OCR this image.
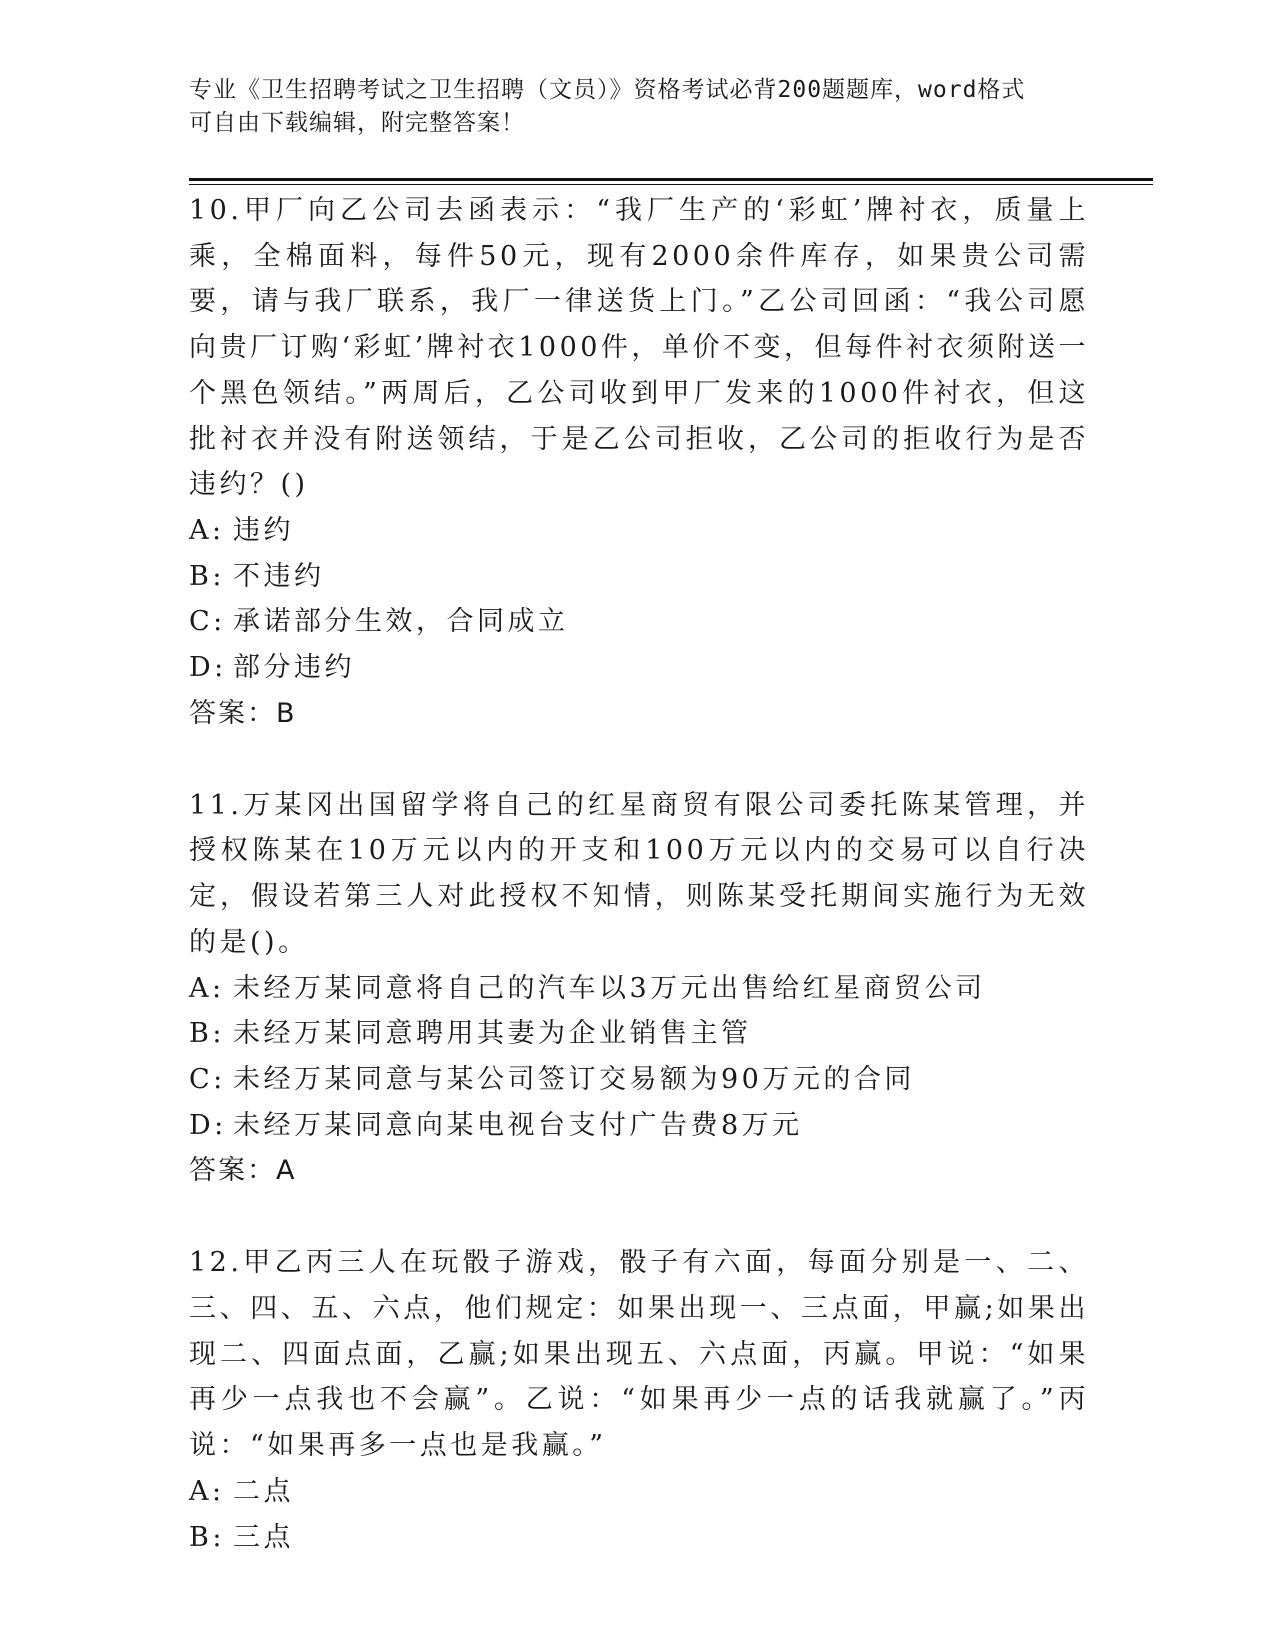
专业《卫生招聘考试之卫生招聘（文员）》资格考试必背200题题库，word格式

可自由下载编辑，附完整答案！

10.甲厂向乙公司去函表示：“我厂生产的‘彩虹’牌衬衣，质量上乘，全棉面料，每件50元，现有2000余件库存，如果贵公司需要，请与我厂联系，我厂一律送货上门。”乙公司回函：“我公司愿向贵厂订购‘彩虹’牌衬衣1000件，单价不变，但每件衬衣须附送一个黑色领结。”两周后，乙公司收到甲厂发来的1000件衬衣，但这批衬衣并没有附送领结，于是乙公司拒收，乙公司的拒收行为是否违约？()

A: 违约

B: 不违约

C: 承诺部分生效，合同成立

D: 部分违约

答案：B

11.万某冈出国留学将自己的红星商贸有限公司委托陈某管理，并授权陈某在10万元以内的开支和100万元以内的交易可以自行决定，假设若第三人对此授权不知情，则陈某受托期间实施行为无效的是()。

A: 未经万某同意将自己的汽车以3万元出售给红星商贸公司

B: 未经万某同意聘用其妻为企业销售主管

C: 未经万某同意与某公司签订交易额为90万元的合同

D: 未经万某同意向某电视台支付广告费8万元

答案：A

12.甲乙丙三人在玩骰子游戏，骰子有六面，每面分别是一、二、三、四、五、六点，他们规定：如果出现一、三点面，甲赢;如果出现二、四面点面，乙赢;如果出现五、六点面，丙赢。甲说：“如果再少一点我也不会赢”。乙说：“如果再少一点的话我就赢了。”丙说：“如果再多一点也是我赢。”

A: 二点

B: 三点
